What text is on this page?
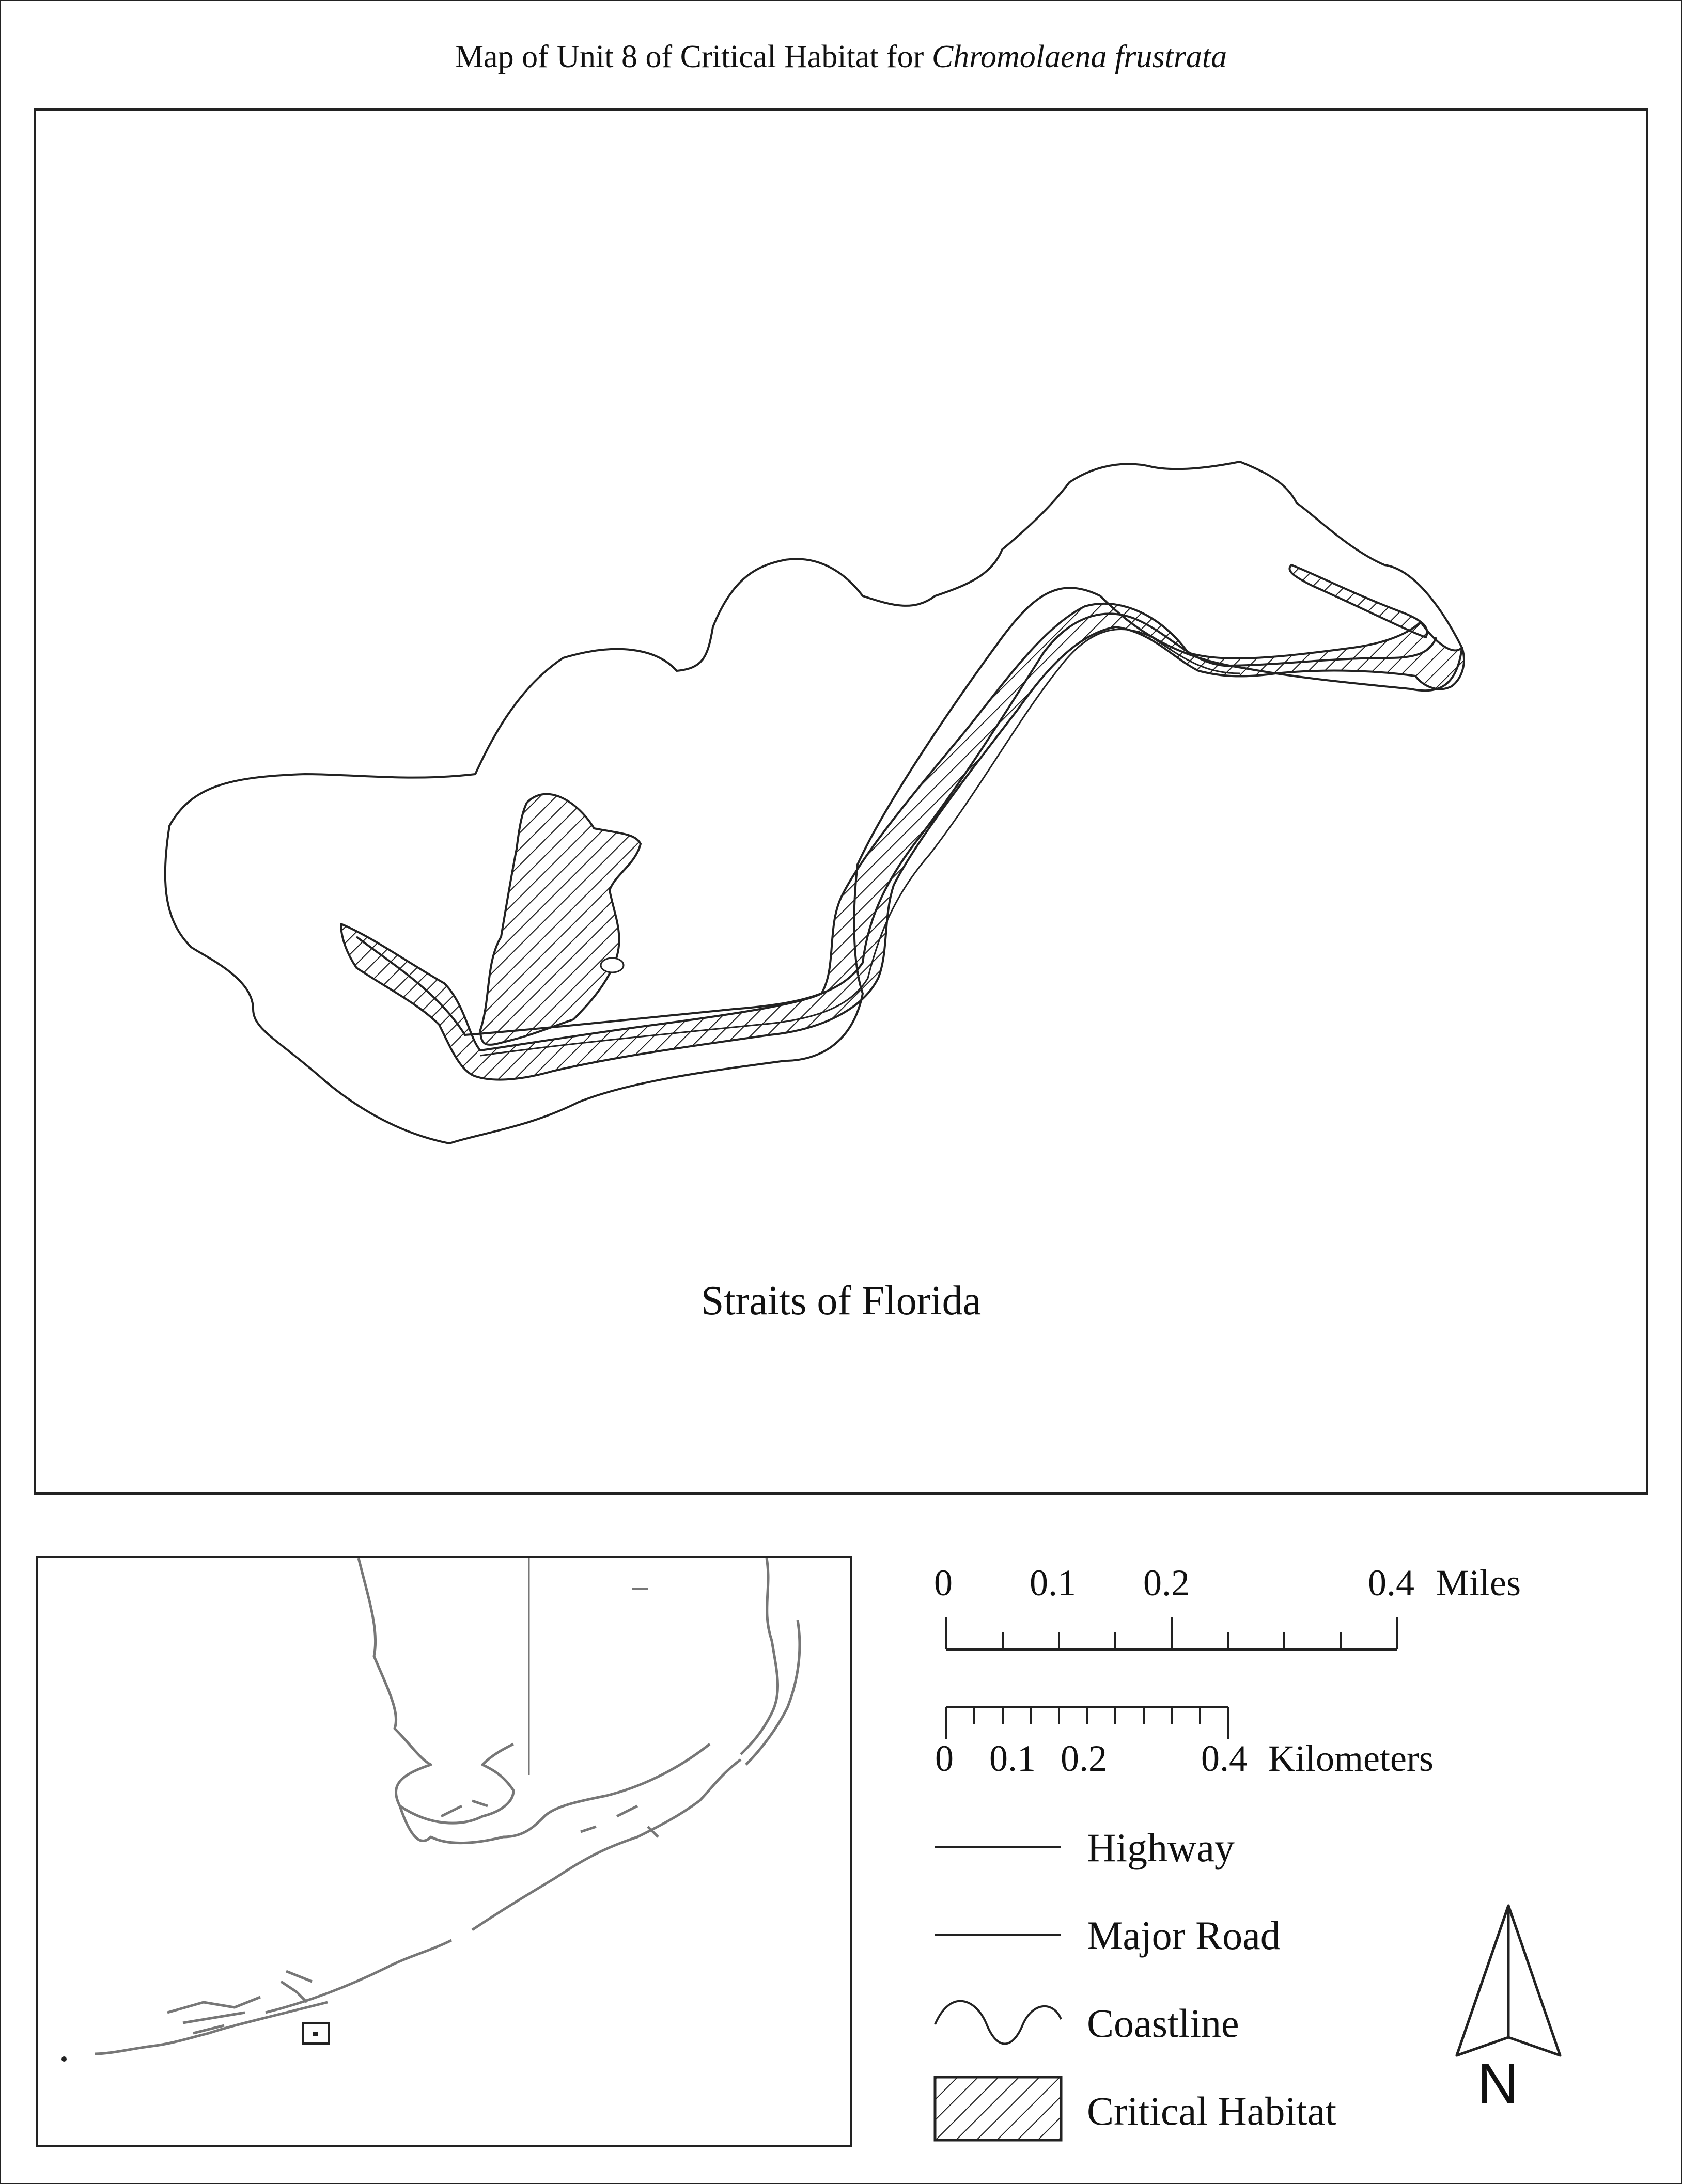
Map of Unit 8 of Critical Habitat for Chromolaena frustrata
Straits of Florida
0 0.1 0.2	0.4 Miles
0 0.1 0.2	0.4 Kilometers
Highway
Major Road
Coastline
Critical Habitat N
